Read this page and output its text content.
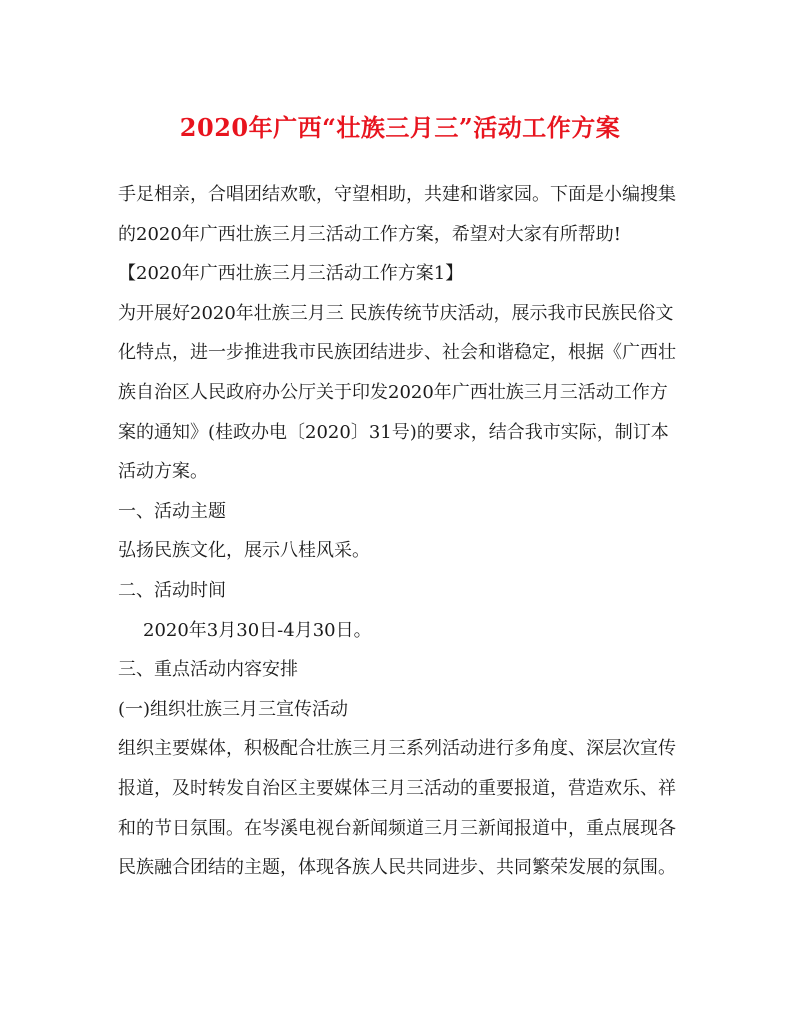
2020年广西“壮族三月三”活动工作方案
手足相亲，合唱团结欢歌，守望相助，共建和谐家园。下面是小编搜集
的2020年广西壮族三月三活动工作方案，希望对大家有所帮助!
【2020年广西壮族三月三活动工作方案1】
为开展好2020年壮族三月三 民族传统节庆活动，展示我市民族民俗文
化特点，进一步推进我市民族团结进步、社会和谐稳定，根据《广西壮
族自治区人民政府办公厅关于印发2020年广西壮族三月三活动工作方
案的通知》(桂政办电〔2020〕31号)的要求，结合我市实际，制订本
活动方案。
一、活动主题
弘扬民族文化，展示八桂风采。
二、活动时间
2020年3月30日-4月30日。
三、重点活动内容安排
(一)组织壮族三月三宣传活动
组织主要媒体，积极配合壮族三月三系列活动进行多角度、深层次宣传
报道，及时转发自治区主要媒体三月三活动的重要报道，营造欢乐、祥
和的节日氛围。在岑溪电视台新闻频道三月三新闻报道中，重点展现各
民族融合团结的主题，体现各族人民共同进步、共同繁荣发展的氛围。
